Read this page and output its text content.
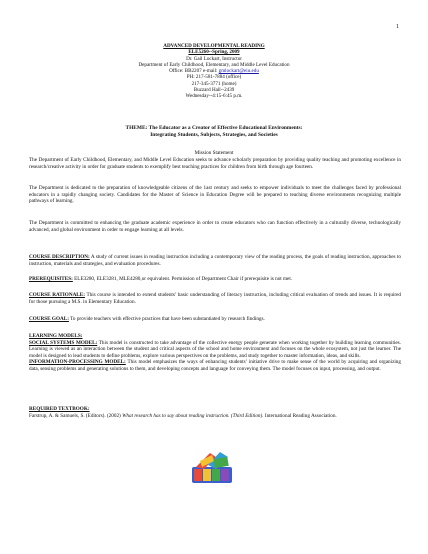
1
ADVANCED DEVELOPMENTAL READING
ELE5260--Spring, 2009
Dr. Gail Lockart, Instructor
Department of Early Childhood, Elementary, and Middle Level Education
Office: BB2207 e-mail: gmlockart@eiu.edu
PH: 217-581-7884 (office)
217-345-3771 (home)
Buzzard Hall--2439
Wednesday--4:15-6:45 p.m.
THEME: The Educator as a Creator of Effective Educational Environments:
Integrating Students, Subjects, Strategies, and Societies
Mission Statement
The Department of Early Childhood, Elementary, and Middle Level Education seeks to advance scholarly preparation by providing quality teaching and promoting excellence in research/creative activity in order for graduate students to exemplify best teaching practices for children from birth through age fourteen.
The Department is dedicated to the preparation of knowledgeable citizens of the 1ast century and seeks to empower individuals to meet the challenges faced by professional educators in a rapidly changing society. Candidates for the Master of Science in Education Degree will be prepared to teaching diverse environments recognizing multiple pathways of learning.
The Department is committed to enhancing the graduate academic experience in order to create educators who can function effectively in a culturally diverse, technologically advanced, and global environment in order to engage learning at all levels.
COURSE DESCRIPTION: A study of current issues in reading instruction including a contemporary view of the reading process, the goals of reading instruction, approaches to instruction, materials and strategies, and evaluation procedures.
PREREQUISITES: ELE3280, ELE3281, MLE4280,or equivalent. Permission of Department Chair if prerequisite is not met.
COURSE RATIONALE: This course is intended to extend students’ basic understanding of literacy instruction, including critical evaluation of trends and issues. It is required for those pursuing a M.S. in Elementary Education.
COURSE GOAL: To provide teachers with effective practices that have been substantiated by research findings.
LEARNING MODELS:
SOCIAL SYSTEMS MODEL: This model is constructed to take advantage of the collective energy people generate when working together by building learning communities. Learning is viewed as an interaction between the student and critical aspects of the school and home environment and focuses on the whole ecosystem, not just the learner. The model is designed to lead students to define problems, explore various perspectives on the problems, and study together to master information, ideas, and skills.
INFORMATION-PROCESSING MODEL: This model emphasizes the ways of enhancing students’ initiative drive to make sense of the world by acquiring and organizing data, sensing problems and generating solutions to them, and developing concepts and language for conveying them. The model focuses on input, processing, and output.
REQUIRED TEXTBOOK:
Farstrup, A. & Samuels, S. (Editors). (2002) What research has to say about reading instruction. (Third Edition). International Reading Association.
